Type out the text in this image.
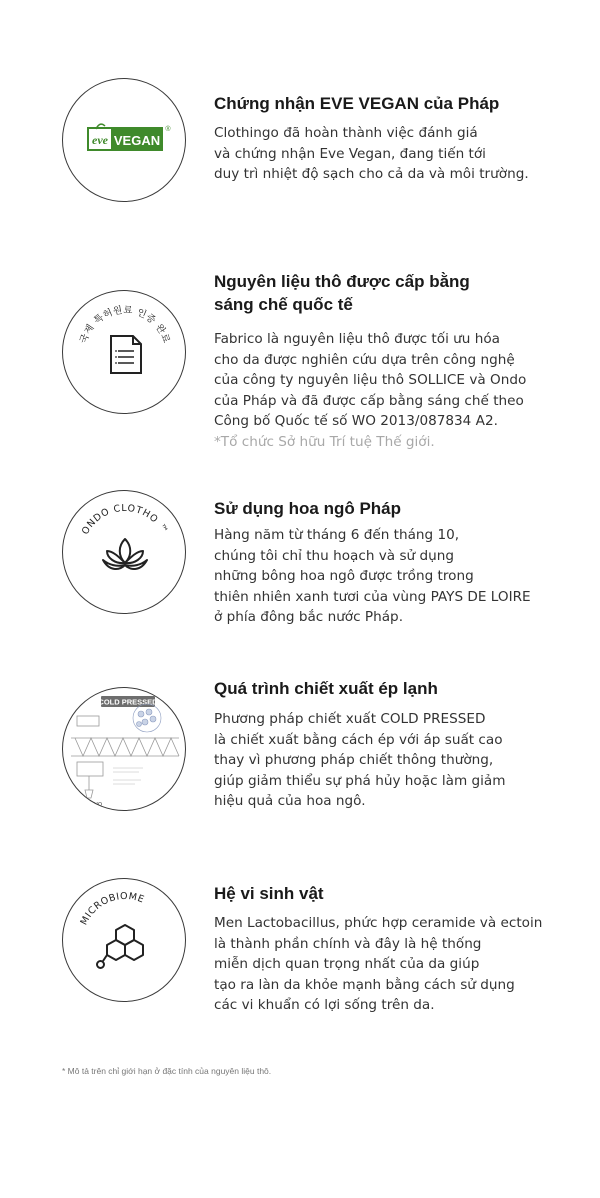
eve VEGAN
®
Chứng nhận EVE VEGAN của Pháp

Clothingo đã hoàn thành việc đánh giá
và chứng nhận Eve Vegan, đang tiến tới
duy trì nhiệt độ sạch cho cả da và môi trường.

국제 특허원료 인증 완료
Nguyên liệu thô được cấp bằng
sáng chế quốc tế

Fabrico là nguyên liệu thô được tối ưu hóa
cho da được nghiên cứu dựa trên công nghệ
của công ty nguyên liệu thô SOLLICE và Ondo
của Pháp và đã được cấp bằng sáng chế theo
Công bố Quốc tế số WO 2013/087834 A2.
*Tổ chức Sở hữu Trí tuệ Thế giới.

ONDO CLOTHO ™
Sử dụng hoa ngô Pháp

Hàng năm từ tháng 6 đến tháng 10,
chúng tôi chỉ thu hoạch và sử dụng
những bông hoa ngô được trồng trong
thiên nhiên xanh tươi của vùng PAYS DE LOIRE
ở phía đông bắc nước Pháp.

COLD PRESSED
≡CLOTHO
Quá trình chiết xuất ép lạnh

Phương pháp chiết xuất COLD PRESSED
là chiết xuất bằng cách ép với áp suất cao
thay vì phương pháp chiết thông thường,
giúp giảm thiểu sự phá hủy hoặc làm giảm
hiệu quả của hoa ngô.

MICROBIOME	Hệ vi sinh vật

Men Lactobacillus, phức hợp ceramide và ectoin
là thành phần chính và đây là hệ thống
miễn dịch quan trọng nhất của da giúp
tạo ra làn da khỏe mạnh bằng cách sử dụng
các vi khuẩn có lợi sống trên da.

* Mô tả trên chỉ giới hạn ở đặc tính của nguyên liệu thô.
